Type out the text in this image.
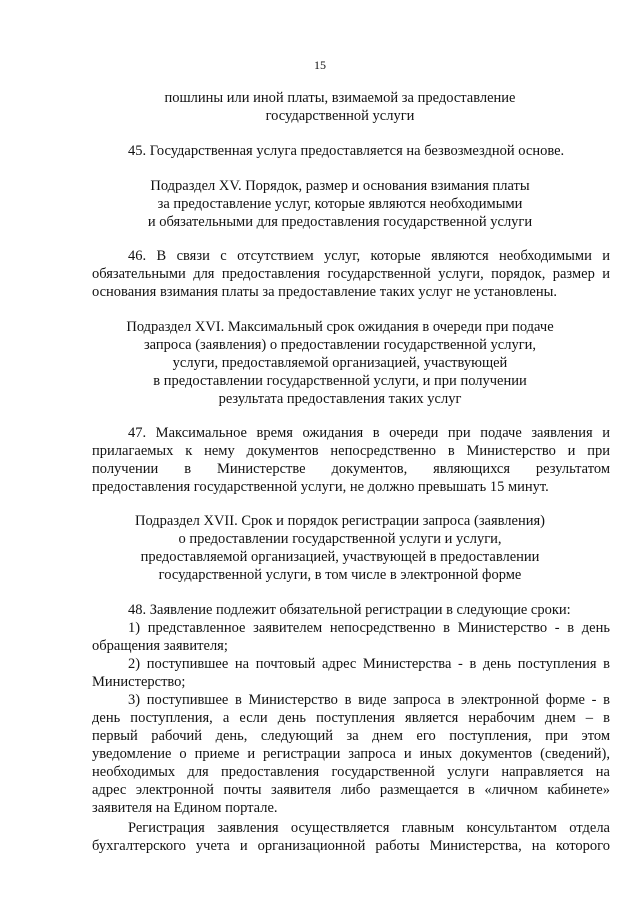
15
пошлины или иной платы, взимаемой за предоставление
государственной услуги
45. Государственная услуга предоставляется на безвозмездной основе.
Подраздел XV. Порядок, размер и основания взимания платы
за предоставление услуг, которые являются необходимыми
и обязательными для предоставления государственной услуги
46. В связи с отсутствием услуг, которые являются необходимыми и
обязательными для предоставления государственной услуги, порядок, размер и
основания взимания платы за предоставление таких услуг не установлены.
Подраздел XVI. Максимальный срок ожидания в очереди при подаче
запроса (заявления) о предоставлении государственной услуги,
услуги, предоставляемой организацией, участвующей
в предоставлении государственной услуги, и при получении
результата предоставления таких услуг
47. Максимальное время ожидания в очереди при подаче заявления и
прилагаемых к нему документов непосредственно в Министерство и при
получении в Министерстве документов, являющихся результатом
предоставления государственной услуги, не должно превышать 15 минут.
Подраздел XVII. Срок и порядок регистрации запроса (заявления)
о предоставлении государственной услуги и услуги,
предоставляемой организацией, участвующей в предоставлении
государственной услуги, в том числе в электронной форме
48. Заявление подлежит обязательной регистрации в следующие сроки:
1) представленное заявителем непосредственно в Министерство - в день
обращения заявителя;
2) поступившее на почтовый адрес Министерства - в день поступления в
Министерство;
3) поступившее в Министерство в виде запроса в электронной форме - в
день поступления, а если день поступления является нерабочим днем – в
первый рабочий день, следующий за днем его поступления, при этом
уведомление о приеме и регистрации запроса и иных документов (сведений),
необходимых для предоставления государственной услуги направляется на
адрес электронной почты заявителя либо размещается в «личном кабинете»
заявителя на Едином портале.
Регистрация заявления осуществляется главным консультантом отдела
бухгалтерского учета и организационной работы Министерства, на которого
